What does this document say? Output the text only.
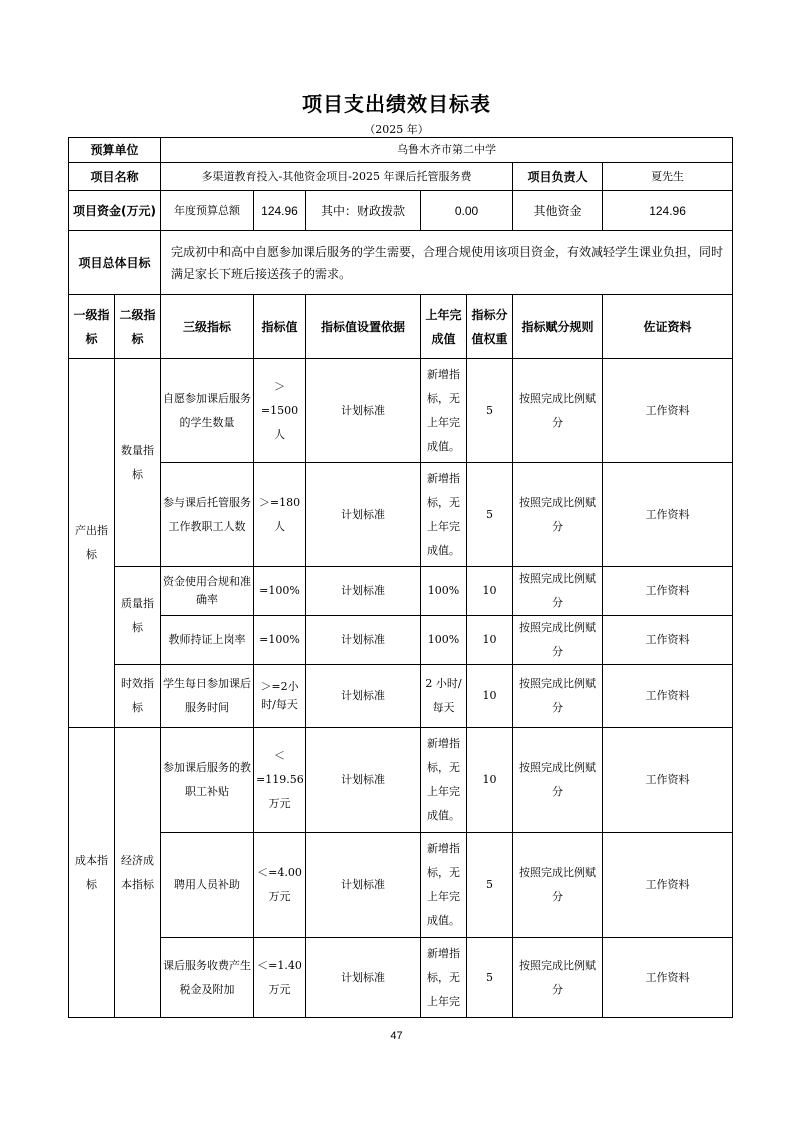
项目支出绩效目标表
（2025 年）
预算单位		乌鲁木齐市第二中学						
项目名称		多渠道教育投入-其他资金项目-2025 年课后托管服务费					项目负责人	夏先生
项目资金(万元)		年度预算总额	124.96	其中：财政拨款	0.00		其他资金	124.96
项目总体目标		完成初中和高中自愿参加课后服务的学生需要，合理合规使用该项目资金，有效减轻学生课业负担，同时满足家长下班后接送孩子的需求。						
一级指标	二级指标	三级指标	指标值	指标值设置依据	上年完成值	指标分值权重	指标赋分规则	佐证资料
产出指标	数量指标	自愿参加课后服务的学生数量	＞=1500人	计划标准	新增指标，无上年完成值。	5	按照完成比例赋分	工作资料
		参与课后托管服务工作教职工人数	＞=180人	计划标准	新增指标，无上年完成值。	5	按照完成比例赋分	工作资料
	质量指标	资金使用合规和准确率	=100%	计划标准	100%	10	按照完成比例赋分	工作资料
		教师持证上岗率	=100%	计划标准	100%	10	按照完成比例赋分	工作资料
	时效指标	学生每日参加课后服务时间	＞=2小时/每天	计划标准	2 小时/每天	10	按照完成比例赋分	工作资料
成本指标	经济成本指标	参加课后服务的教职工补贴	＜=119.56 万元	计划标准	新增指标，无上年完成值。	10	按照完成比例赋分	工作资料
		聘用人员补助	＜=4.00万元	计划标准	新增指标，无上年完成值。	5	按照完成比例赋分	工作资料
		课后服务收费产生税金及附加	＜=1.40万元	计划标准	新增指标，无上年完	5	按照完成比例赋分	工作资料
47
